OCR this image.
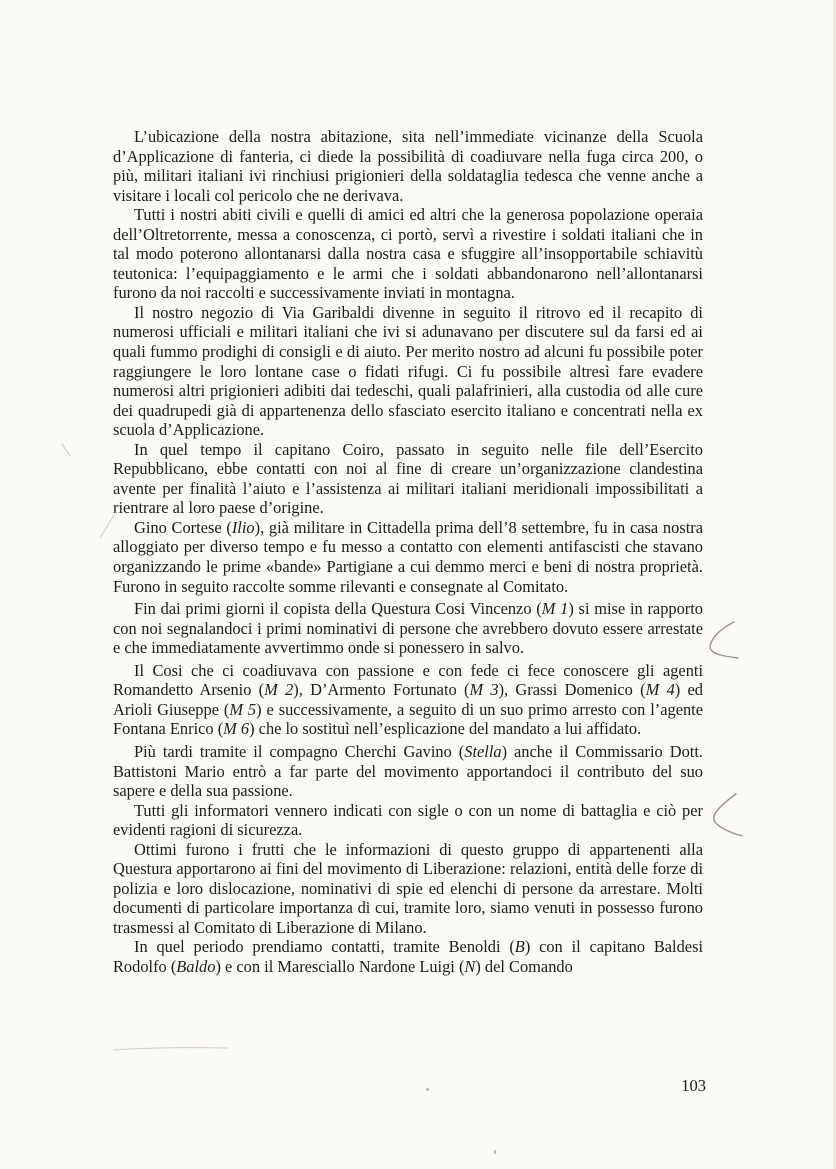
L’ubicazione della nostra abitazione, sita nell’immediate vicinanze della Scuola d’Applicazione di fanteria, ci diede la possibilità di coadiuvare nella fuga circa 200, o più, militari italiani ivi rinchiusi prigionieri della soldataglia tedesca che venne anche a visitare i locali col pericolo che ne derivava.

Tutti i nostri abiti civili e quelli di amici ed altri che la generosa popolazione operaia dell’Oltretorrente, messa a conoscenza, ci portò, servì a rivestire i soldati italiani che in tal modo poterono allontanarsi dalla nostra casa e sfuggire all’insopportabile schiavitù teutonica: l’equipaggiamento e le armi che i soldati abbandonarono nell’allontanarsi furono da noi raccolti e successivamente inviati in montagna.

Il nostro negozio di Via Garibaldi divenne in seguito il ritrovo ed il recapito di numerosi ufficiali e militari italiani che ivi si adunavano per discutere sul da farsi ed ai quali fummo prodighi di consigli e di aiuto. Per merito nostro ad alcuni fu possibile poter raggiungere le loro lontane case o fidati rifugi. Ci fu possibile altresì fare evadere numerosi altri prigionieri adibiti dai tedeschi, quali palafrinieri, alla custodia od alle cure dei quadrupedi già di appartenenza dello sfasciato esercito italiano e concentrati nella ex scuola d’Applicazione.

In quel tempo il capitano Coiro, passato in seguito nelle file dell’Esercito Repubblicano, ebbe contatti con noi al fine di creare un’organizzazione clandestina avente per finalità l’aiuto e l’assistenza ai militari italiani meridionali impossibilitati a rientrare al loro paese d’origine.

Gino Cortese (Ilio), già militare in Cittadella prima dell’8 settembre, fu in casa nostra alloggiato per diverso tempo e fu messo a contatto con elementi antifascisti che stavano organizzando le prime «bande» Partigiane a cui demmo merci e beni di nostra proprietà. Furono in seguito raccolte somme rilevanti e consegnate al Comitato.

Fin dai primi giorni il copista della Questura Cosi Vincenzo (M 1) si mise in rapporto con noi segnalandoci i primi nominativi di persone che avrebbero dovuto essere arrestate e che immediatamente avvertimmo onde si ponessero in salvo.

Il Cosi che ci coadiuvava con passione e con fede ci fece conoscere gli agenti Romandetto Arsenio (M 2), D’Armento Fortunato (M 3), Grassi Domenico (M 4) ed Arioli Giuseppe (M 5) e successivamente, a seguito di un suo primo arresto con l’agente Fontana Enrico (M 6) che lo sostituì nell’esplicazione del mandato a lui affidato.

Più tardi tramite il compagno Cherchi Gavino (Stella) anche il Commissario Dott. Battistoni Mario entrò a far parte del movimento apportandoci il contributo del suo sapere e della sua passione.

Tutti gli informatori vennero indicati con sigle o con un nome di battaglia e ciò per evidenti ragioni di sicurezza.

Ottimi furono i frutti che le informazioni di questo gruppo di appartenenti alla Questura apportarono ai fini del movimento di Liberazione: relazioni, entità delle forze di polizia e loro dislocazione, nominativi di spie ed elenchi di persone da arrestare. Molti documenti di particolare importanza di cui, tramite loro, siamo venuti in possesso furono trasmessi al Comitato di Liberazione di Milano.

In quel periodo prendiamo contatti, tramite Benoldi (B) con il capitano Baldesi Rodolfo (Baldo) e con il Maresciallo Nardone Luigi (N) del Comando

103
